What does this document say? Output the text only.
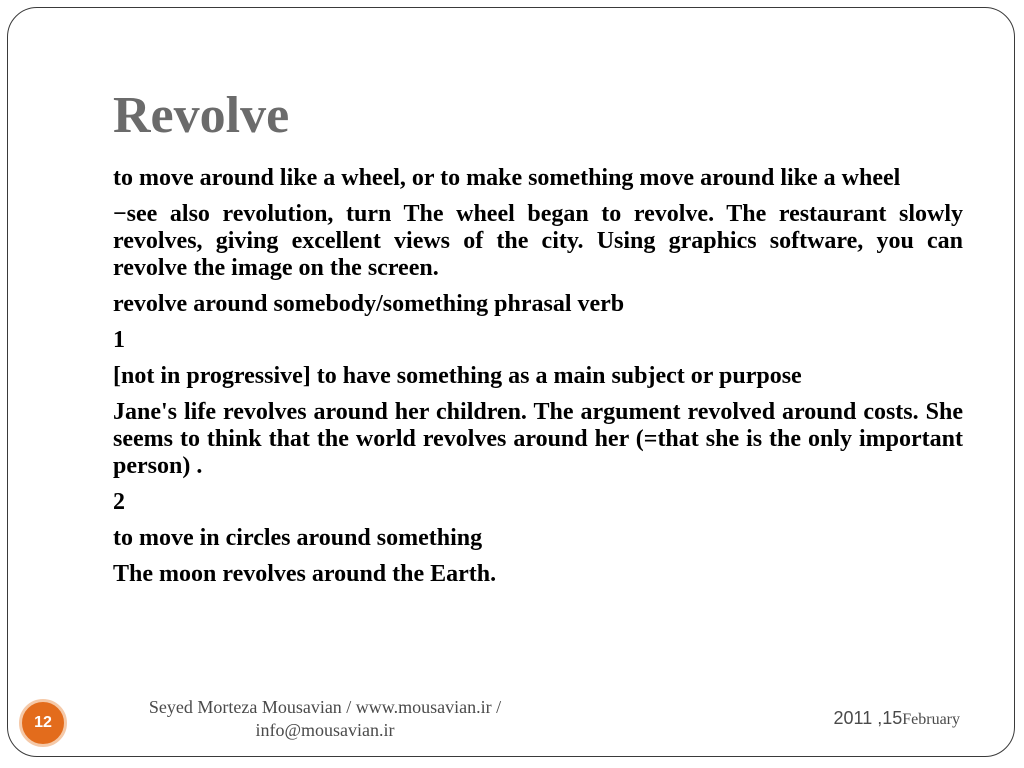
Revolve

to move around like a wheel, or to make something move around like a wheel

−see also revolution, turn The wheel began to revolve. The restaurant slowly revolves, giving excellent views of the city. Using graphics software, you can revolve the image on the screen.

revolve around somebody/something phrasal verb

1

[not in progressive] to have something as a main subject or purpose

Jane's life revolves around her children. The argument revolved around costs. She seems to think that the world revolves around her (=that she is the only important person) .

2

to move in circles around something

The moon revolves around the Earth.

Seyed Morteza Mousavian / www.mousavian.ir /
info@mousavian.ir
2011 ,15February
12
